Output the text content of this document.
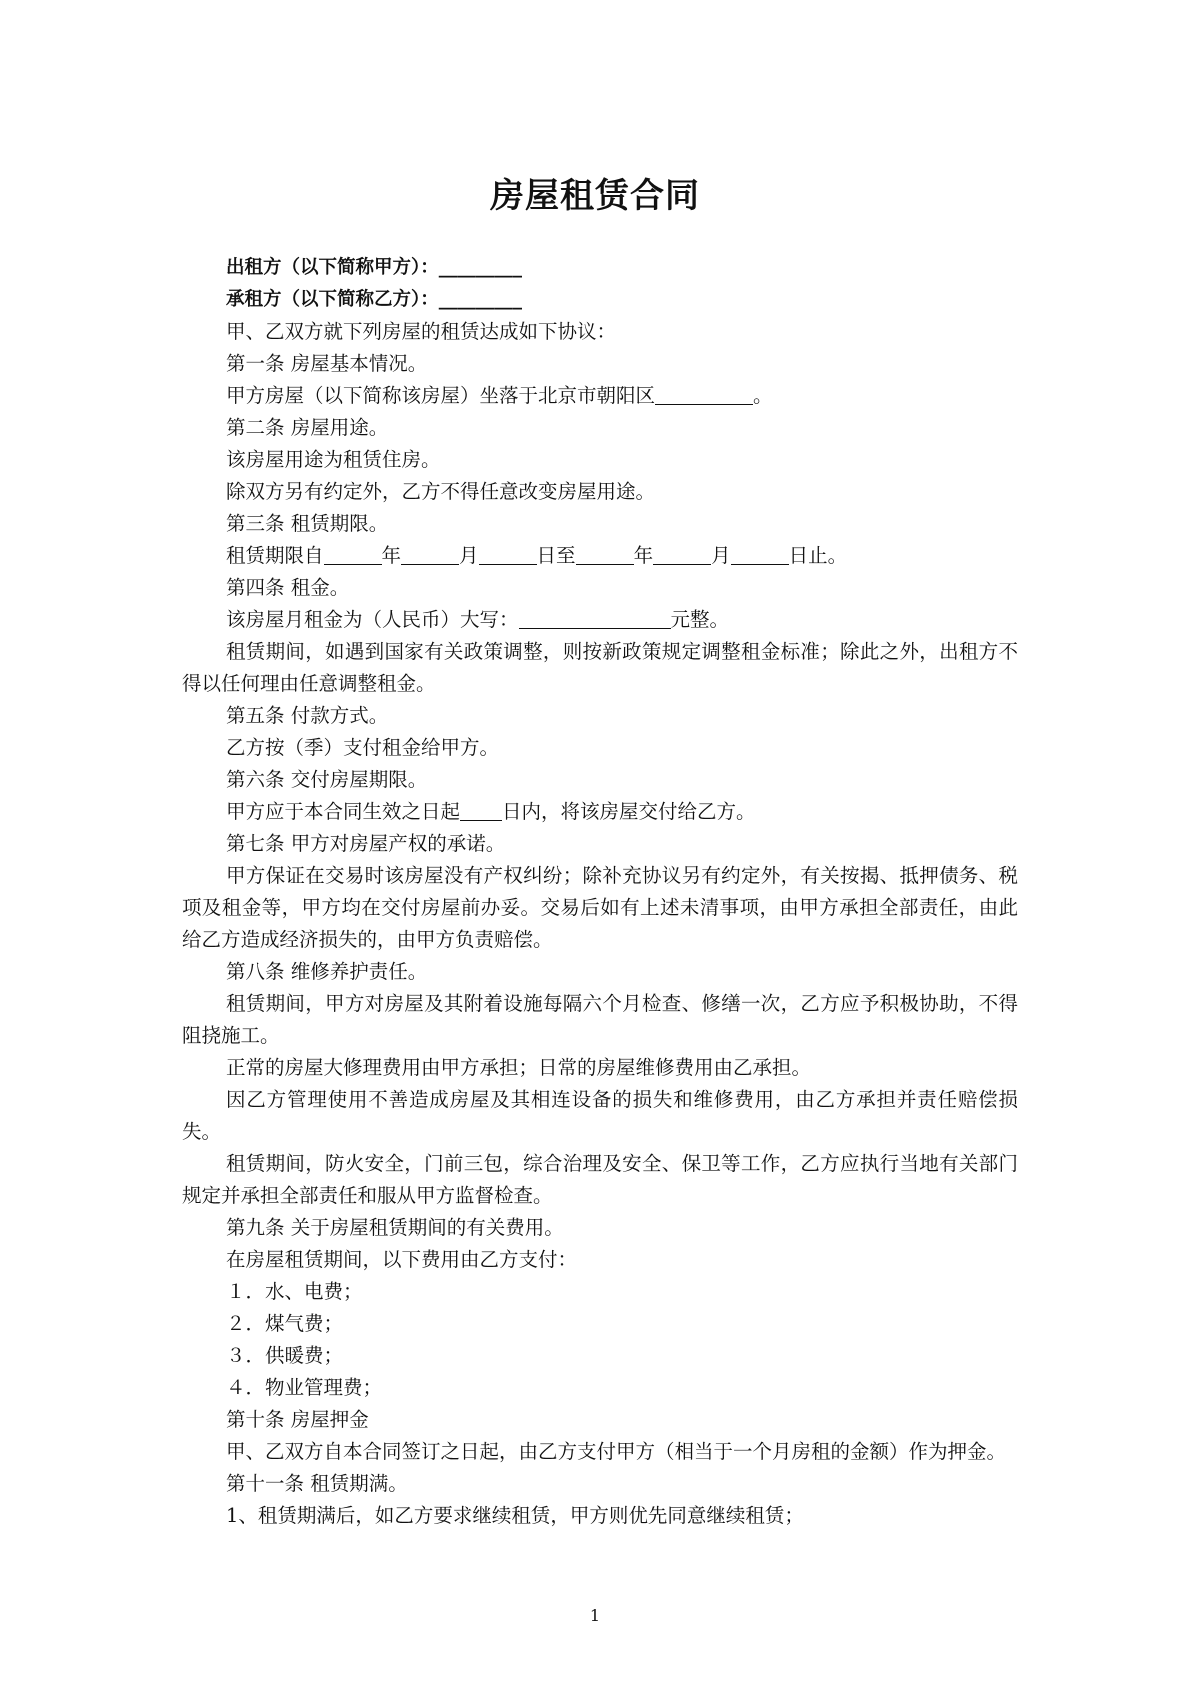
房屋租赁合同

出租方（以下简称甲方）：_________

承租方（以下简称乙方）：_________

甲、乙双方就下列房屋的租赁达成如下协议：

第一条 房屋基本情况。

甲方房屋（以下简称该房屋）坐落于北京市朝阳区	。

第二条 房屋用途。

该房屋用途为租赁住房。

除双方另有约定外，乙方不得任意改变房屋用途。

第三条 租赁期限。

租赁期限自	年	月	日至	年	月	日止。

第四条 租金。

该房屋月租金为（人民币）大写：	元整。

租赁期间，如遇到国家有关政策调整，则按新政策规定调整租金标准；除此之外，出租方不得以任何理由任意调整租金。

第五条 付款方式。

乙方按（季）支付租金给甲方。

第六条 交付房屋期限。

甲方应于本合同生效之日起 日内，将该房屋交付给乙方。

第七条 甲方对房屋产权的承诺。

甲方保证在交易时该房屋没有产权纠纷；除补充协议另有约定外，有关按揭、抵押债务、税项及租金等，甲方均在交付房屋前办妥。交易后如有上述未清事项，由甲方承担全部责任，由此给乙方造成经济损失的，由甲方负责赔偿。

第八条 维修养护责任。

租赁期间，甲方对房屋及其附着设施每隔六个月检查、修缮一次，乙方应予积极协助，不得阻挠施工。

正常的房屋大修理费用由甲方承担；日常的房屋维修费用由乙承担。

因乙方管理使用不善造成房屋及其相连设备的损失和维修费用，由乙方承担并责任赔偿损失。

租赁期间，防火安全，门前三包，综合治理及安全、保卫等工作，乙方应执行当地有关部门规定并承担全部责任和服从甲方监督检查。

第九条 关于房屋租赁期间的有关费用。

在房屋租赁期间，以下费用由乙方支付：

１．水、电费；

２．煤气费；

３．供暖费；

４．物业管理费；

第十条 房屋押金

甲、乙双方自本合同签订之日起，由乙方支付甲方（相当于一个月房租的金额）作为押金。

第十一条 租赁期满。

1、租赁期满后，如乙方要求继续租赁，甲方则优先同意继续租赁；

1
